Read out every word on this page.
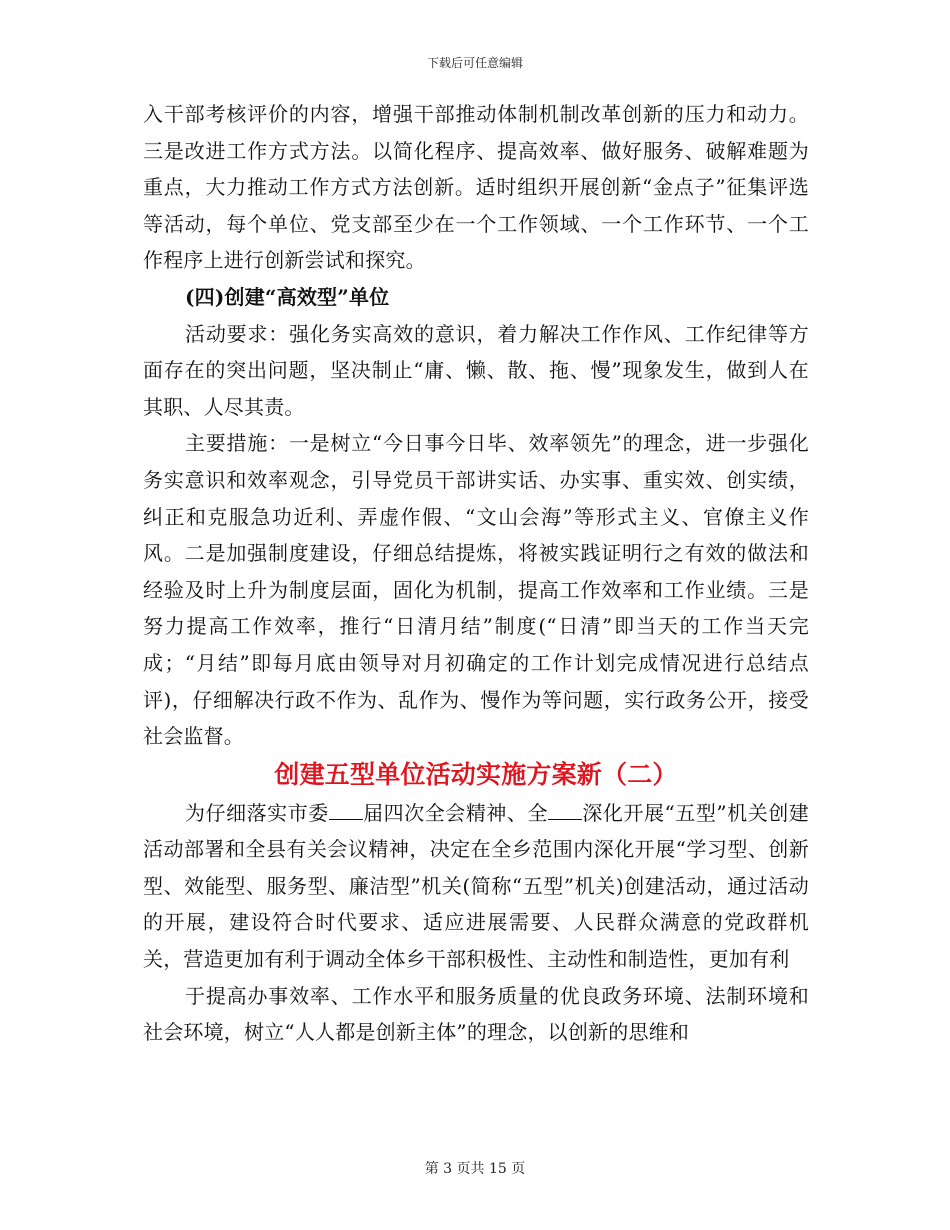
下载后可任意编辑

入干部考核评价的内容，增强干部推动体制机制改革创新的压力和动力。三是改进工作方式方法。以简化程序、提高效率、做好服务、破解难题为重点，大力推动工作方式方法创新。适时组织开展创新“金点子”征集评选等活动，每个单位、党支部至少在一个工作领域、一个工作环节、一个工作程序上进行创新尝试和探究。

(四)创建“高效型”单位

活动要求：强化务实高效的意识，着力解决工作作风、工作纪律等方面存在的突出问题，坚决制止“庸、懒、散、拖、慢”现象发生，做到人在其职、人尽其责。

主要措施：一是树立“今日事今日毕、效率领先”的理念，进一步强化务实意识和效率观念，引导党员干部讲实话、办实事、重实效、创实绩，纠正和克服急功近利、弄虚作假、“文山会海”等形式主义、官僚主义作风。二是加强制度建设，仔细总结提炼，将被实践证明行之有效的做法和经验及时上升为制度层面，固化为机制，提高工作效率和工作业绩。三是努力提高工作效率，推行“日清月结”制度(“日清”即当天的工作当天完成；“月结”即每月底由领导对月初确定的工作计划完成情况进行总结点评)，仔细解决行政不作为、乱作为、慢作为等问题，实行政务公开，接受社会监督。

创建五型单位活动实施方案新（二）

为仔细落实市委 届四次全会精神、全 深化开展“五型”机关创建活动部署和全县有关会议精神，决定在全乡范围内深化开展“学习型、创新型、效能型、服务型、廉洁型”机关(简称“五型”机关)创建活动，通过活动的开展，建设符合时代要求、适应进展需要、人民群众满意的党政群机关，营造更加有利于调动全体乡干部积极性、主动性和制造性，更加有利

于提高办事效率、工作水平和服务质量的优良政务环境、法制环境和社会环境，树立“人人都是创新主体”的理念，以创新的思维和

第 3 页共 15 页
